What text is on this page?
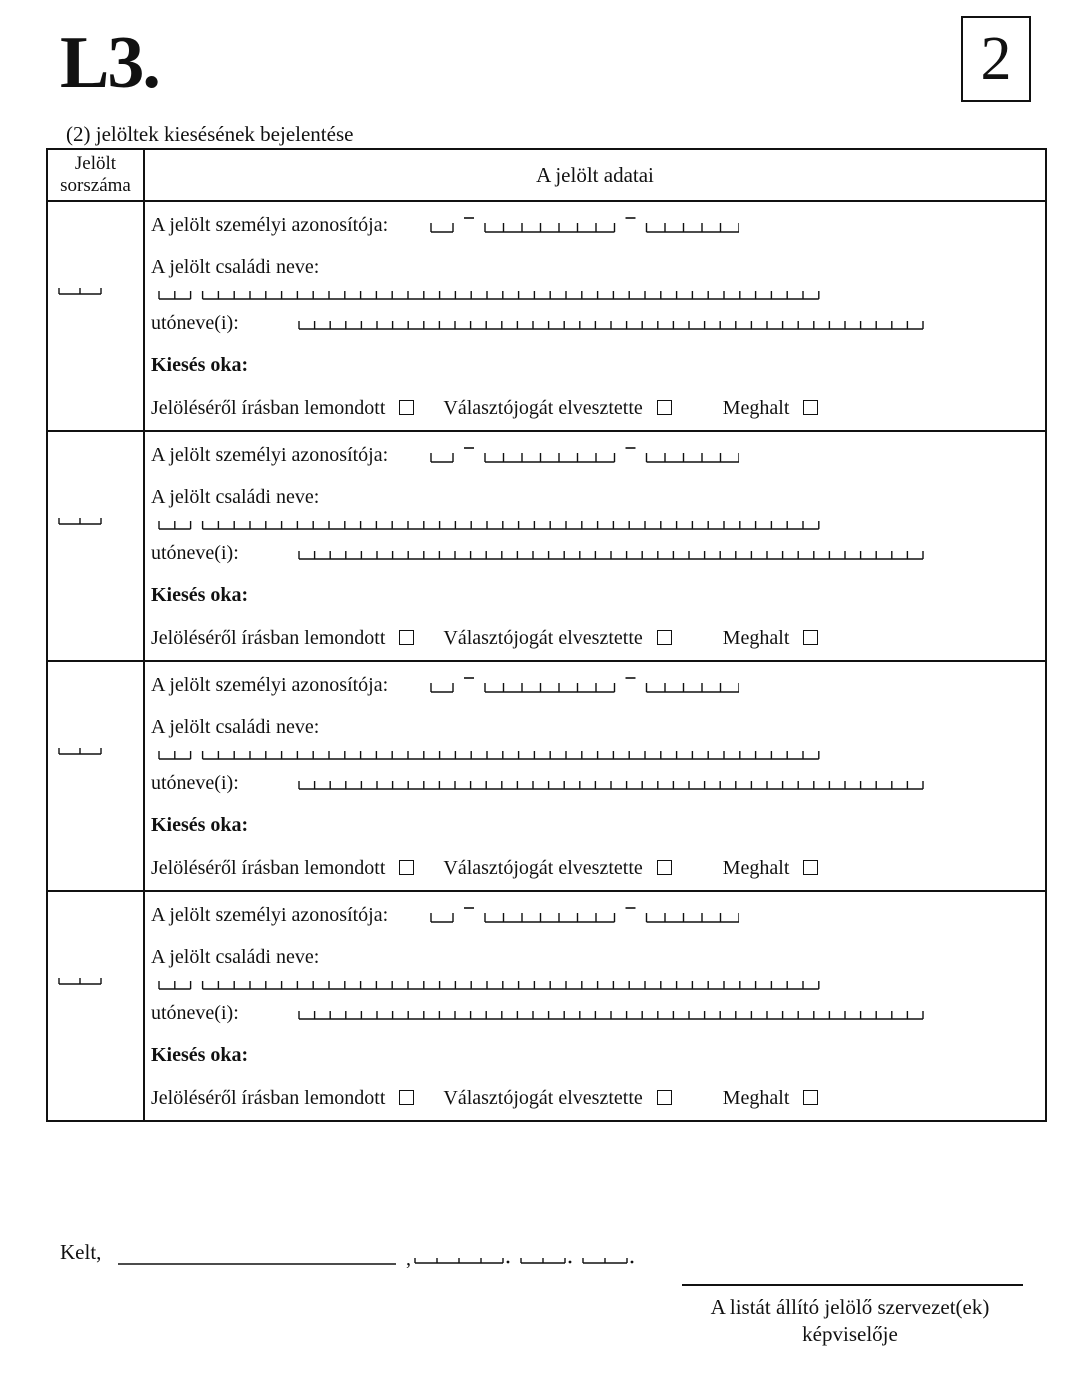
L3.	2
(2) jelöltek kiesésének bejelentése
Jelölt
sorszáma	A jelölt adatai

A jelölt személyi azonosítója:
A jelölt családi neve:
utóneve(i):
Kiesés oka:
Jelöléséről írásban lemondott Választójogát elvesztette Meghalt

A jelölt személyi azonosítója:
A jelölt családi neve:
utóneve(i):
Kiesés oka:
Jelöléséről írásban lemondott Választójogát elvesztette Meghalt

A jelölt személyi azonosítója:
A jelölt családi neve:
utóneve(i):
Kiesés oka:
Jelöléséről írásban lemondott Választójogát elvesztette Meghalt

A jelölt személyi azonosítója:
A jelölt családi neve:
utóneve(i):
Kiesés oka:
Jelöléséről írásban lemondott Választójogát elvesztette Meghalt
Kelt,	,
A listát állító jelölő szervezet(ek)
képviselője
